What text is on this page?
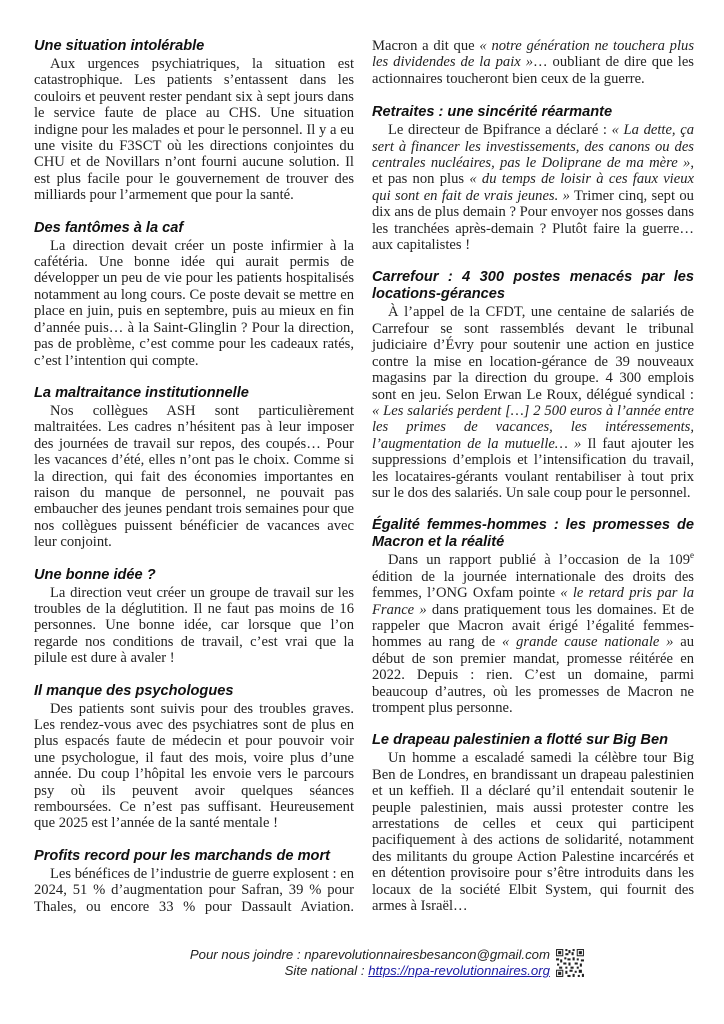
Une situation intolérable

Aux urgences psychiatriques, la situation est catastrophique. Les patients s’entassent dans les couloirs et peuvent rester pendant six à sept jours dans le service faute de place au CHS. Une situation indigne pour les malades et pour le personnel. Il y a eu une visite du F3SCT où les directions conjointes du CHU et de Novillars n’ont fourni aucune solution. Il est plus facile pour le gouvernement de trouver des milliards pour l’armement que pour la santé.

Des fantômes à la caf

La direction devait créer un poste infirmier à la cafétéria. Une bonne idée qui aurait permis de développer un peu de vie pour les patients hospitalisés notamment au long cours. Ce poste devait se mettre en place en juin, puis en septembre, puis au mieux en fin d’année puis… à la Saint-Glinglin ? Pour la direction, pas de problème, c’est comme pour les cadeaux ratés, c’est l’intention qui compte.

La maltraitance institutionnelle

Nos collègues ASH sont particulièrement maltraitées. Les cadres n’hésitent pas à leur imposer des journées de travail sur repos, des coupés… Pour les vacances d’été, elles n’ont pas le choix. Comme si la direction, qui fait des économies importantes en raison du manque de personnel, ne pouvait pas embaucher des jeunes pendant trois semaines pour que nos collègues puissent bénéficier de vacances avec leur conjoint.

Une bonne idée ?

La direction veut créer un groupe de travail sur les troubles de la déglutition. Il ne faut pas moins de 16 personnes. Une bonne idée, car lorsque que l’on regarde nos conditions de travail, c’est vrai que la pilule est dure à avaler !

Il manque des psychologues

Des patients sont suivis pour des troubles graves. Les rendez-vous avec des psychiatres sont de plus en plus espacés faute de médecin et pour pouvoir voir une psychologue, il faut des mois, voire plus d’une année. Du coup l’hôpital les envoie vers le parcours psy où ils peuvent avoir quelques séances remboursées. Ce n’est pas suffisant. Heureusement que 2025 est l’année de la santé mentale !

Profits record pour les marchands de mort

Les bénéfices de l’industrie de guerre explosent : en 2024, 51 % d’augmentation pour Safran, 39 % pour Thales, ou encore 33 % pour Dassault Aviation.

Macron a dit que « notre génération ne touchera plus les dividendes de la paix »… oubliant de dire que les actionnaires toucheront bien ceux de la guerre.

Retraites : une sincérité réarmante

Le directeur de Bpifrance a déclaré : « La dette, ça sert à financer les investissements, des canons ou des centrales nucléaires, pas le Doliprane de ma mère », et pas non plus « du temps de loisir à ces faux vieux qui sont en fait de vrais jeunes. » Trimer cinq, sept ou dix ans de plus demain ? Pour envoyer nos gosses dans les tranchées après-demain ? Plutôt faire la guerre… aux capitalistes !

Carrefour : 4 300 postes menacés par les locations-gérances

À l’appel de la CFDT, une centaine de salariés de Carrefour se sont rassemblés devant le tribunal judiciaire d’Évry pour soutenir une action en justice contre la mise en location-gérance de 39 nouveaux magasins par la direction du groupe. 4 300 emplois sont en jeu. Selon Erwan Le Roux, délégué syndical : « Les salariés perdent […] 2 500 euros à l’année entre les primes de vacances, les intéressements, l’augmentation de la mutuelle… » Il faut ajouter les suppressions d’emplois et l’intensification du travail, les locataires-gérants voulant rentabiliser à tout prix sur le dos des salariés. Un sale coup pour le personnel.

Égalité femmes-hommes : les promesses de Macron et la réalité

Dans un rapport publié à l’occasion de la 109e édition de la journée internationale des droits des femmes, l’ONG Oxfam pointe « le retard pris par la France » dans pratiquement tous les domaines. Et de rappeler que Macron avait érigé l’égalité femmes-hommes au rang de « grande cause nationale » au début de son premier mandat, promesse réitérée en 2022. Depuis : rien. C’est un domaine, parmi beaucoup d’autres, où les promesses de Macron ne trompent plus personne.

Le drapeau palestinien a flotté sur Big Ben

Un homme a escaladé samedi la célèbre tour Big Ben de Londres, en brandissant un drapeau palestinien et un keffieh. Il a déclaré qu’il entendait soutenir le peuple palestinien, mais aussi protester contre les arrestations de celles et ceux qui participent pacifiquement à des actions de solidarité, notamment des militants du groupe Action Palestine incarcérés et en détention provisoire pour s’être introduits dans les locaux de la société Elbit System, qui fournit des armes à Israël…

Pour nous joindre : nparevolutionnairesbesancon@gmail.com
Site national : https://npa-revolutionnaires.org
